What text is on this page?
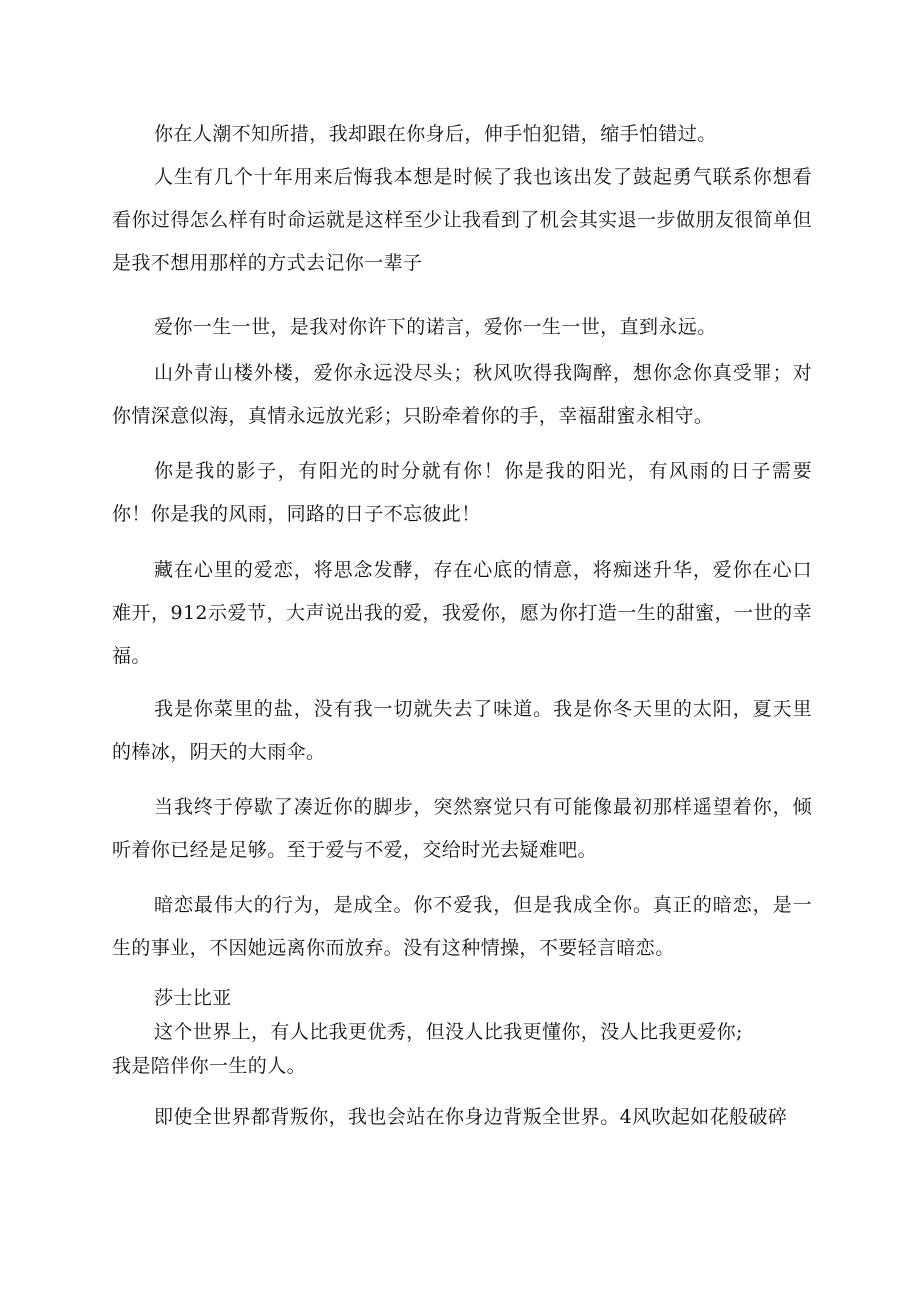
你在人潮不知所措，我却跟在你身后，伸手怕犯错，缩手怕错过。

人生有几个十年用来后悔我本想是时候了我也该出发了鼓起勇气联系你想看看你过得怎么样有时命运就是这样至少让我看到了机会其实退一步做朋友很简单但是我不想用那样的方式去记你一辈子

爱你一生一世，是我对你许下的诺言，爱你一生一世，直到永远。

山外青山楼外楼，爱你永远没尽头；秋风吹得我陶醉，想你念你真受罪；对你情深意似海，真情永远放光彩；只盼牵着你的手，幸福甜蜜永相守。

你是我的影子，有阳光的时分就有你！你是我的阳光，有风雨的日子需要你！你是我的风雨，同路的日子不忘彼此！

藏在心里的爱恋，将思念发酵，存在心底的情意，将痴迷升华，爱你在心口难开，912示爱节，大声说出我的爱，我爱你，愿为你打造一生的甜蜜，一世的幸福。

我是你菜里的盐，没有我一切就失去了味道。我是你冬天里的太阳，夏天里的棒冰，阴天的大雨伞。

当我终于停歇了凑近你的脚步，突然察觉只有可能像最初那样遥望着你，倾听着你已经是足够。至于爱与不爱，交给时光去疑难吧。

暗恋最伟大的行为，是成全。你不爱我，但是我成全你。真正的暗恋，是一生的事业，不因她远离你而放弃。没有这种情操，不要轻言暗恋。

莎士比亚

这个世界上，有人比我更优秀，但没人比我更懂你，没人比我更爱你;

我是陪伴你一生的人。

即使全世界都背叛你，我也会站在你身边背叛全世界。4风吹起如花般破碎
